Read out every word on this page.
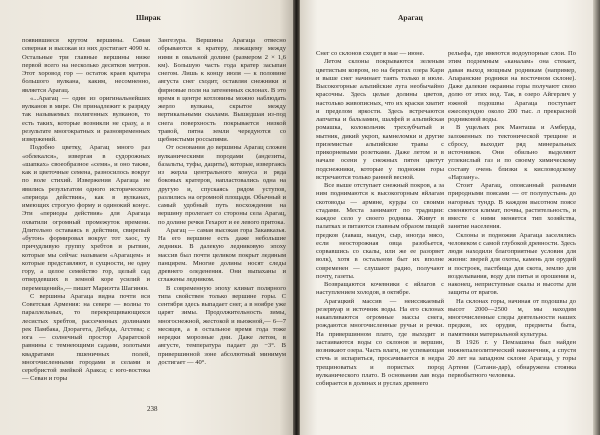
Ширак

появившиеся крутом вершины. Самая северная и высокая из них достигает 4090 м. Остальные три главные вершины ниже первой всего на несколько десятков метров. Этот хоровод гор — остаток краев кратера большого вулкана, каким, несомненно, является Арагац.

«...Арагац — один из оригинальнейших вулканов в мире. Он принадлежит к разряду так называемых полигенных вулканов, то есть таких, которые возникли не сразу, а в результате многократных и разновременных извержений.

Подобно цветку, Арагац много раз «облекался», извергая в судорожных «шапках» своеобразное «семя», и оно также, как и цветочные семена, разносилось вокруг по воле стихий. Извержения Арагаца не явились результатом одного исторического «периода действия», как в вулканах, имеющих строгую форму и одинокий конус. Эти «периоды действия» для Арагаца охватили огромный промежуток времени. Длительно оставаясь в действии, свирепый «бутон» формировал вокруг тот хаос, ту причудливую группу хребтов и рытвин, которые мы сейчас называем «Арагацем» и которые представляют, в сущности, не одну гору, а целое семейство гор, целый сад отвердевших в земной коре усилий и перемещений»,— пишет Мариэтта Шагинян.

С вершины Арагаца видна почти вся Советская Армения: на севере — волны то параллельных, то перекрещивающихся лесистых хребтов, рассеченных долинами рек Памбака, Дзорагета, Дебеда, Агстева; с юга — солнечный простор Араратской равнины с темнеющими садами, золотыми квадратами пшеничных полей, многочисленными городами и селами и серебристой змейкой Аракса; с юго-востока — Севан и горы

Зангезура. Вершины Арагаца отвесно обрываются к кратеру, лежащему между ними в овальной долине (размером 2 × 1,6 км). Большую часть года кратер засыпан снегом. Лишь к концу июля — к половине августа снег сходит, оставляя снежники и фирновые поля на затененных склонах. В это время в центре котловины можно наблюдать жерло вулкана, скрытое между вертикальными скалами. Вышедшая из-под снега поверхность покрывается низкой травой, пятна земли чередуются со щебнистыми россыпями.

От основания до вершины Арагац сложен вулканическими породами (андезиты, базальты, туфы, дациты), которые, извергаясь из жерла центрального конуса и ряда боковых кратеров, напластовались одна на другую и, спускаясь рядом уступов, разлились на огромной площади. Обычный и самый удобный путь восхождения на вершину пролегает со стороны села Арагац, по долине речки Гехарот и ее левого притока.

Арагац — самая высокая гора Закавказья. На его вершине есть даже небольшие ледники. В далекую ледниковую эпоху массив был почти целиком покрыт ледяным панцирем. Многие долины носят следы древнего оледенения. Они выпаханы и сглажены ледником.

В современную эпоху климат полярного типа свойствен только вершине горы. С сентября здесь выпадает снег, а в ноябре уже царят зимы. Продолжительность зимы, многоснежной, жестокой и вьюжной,— 6—7 месяцев, а в остальное время года тоже нередки морозные дни. Даже летом, в августе, температура падает до −3°. В привершинной зоне абсолютный минимум достигает — 40°.

238
Арагац

Снег со склонов сходит в мае — июне.

Летом склоны покрываются зеленым цветистым ковром, но на берегах озера Кари и выше снег начинает таять только в июле. Высокогорные альпийские луга необычайно красочны. Здесь целые долины цветов, настолько живописных, что их краски хватит и пределом яркости. Здесь встречаются лапчатка и бальзамин, шалфей и альпийская ромашка, колокольчик трехзубчатый и мытник, дикий укроп, камнеломки и другие приземистые альпийские травы с прикорневыми розетками. Даже летом и в начале осени у снежных пятен цветут подснежники, которые у подножия горы встречаются только ранней весной.

Все выше отступает снежный покров, а за ним поднимаются к высокогорным яйлагам скотоводы — армяне, курды со своими стадами. Места занимают по традиции: каждое село у своего родника. Живут в палатках и питаются главным образом пищей предков (лаваш, мацун, сыр, иногда мясо, если неосторожная овца разобьется, сорвавшись со скалы, или же ее разорвет волк), хотя в остальном быт их вполне современен — слушают радио, получают почту, газеты.

Возвращаются кочевники с яйлагов с наступлением холодов, в октябре.

Арагацкий массив — неиссякаемый резервуар и источник воды. На его склонах накапливаются огромные массы снега, рождаются многочисленные ручьи и речки. На привершинном плато, где выходит и застаиваются воды со склонов и вершин, возникают озера. Часть влаги, не успевающая стечь и испариться, просачивается в недра трещиноватых и пористых пород вулканического плато. В основании лав вода собирается в долинах и руслах древнего

рельефа, где имеются водоупорные слои. По этим подземным «каналам» она стекает, давая выход мощным родникам (например, Апаранские родники на восточном склоне). Даже далекие окраины горы получают свою долю от этих вод. Так, в озеро Айгерлич у южной подошвы Арагаца поступает ежесекундно около 200 тыс. л прекрасной родниковой воды.

В ущельях рек Манташа и Амберда, заложенных по тектонической трещине и сбросу, выходит ряд минеральных источников. Они обильно выделяют углекислый газ и по своему химическому составу очень близки к кисловодскому «Нарзану».

Стоит Арагац, опоясанный разными природными поясами — от полупустынь до нагорных тундр. В каждом высотном поясе сменяются климат, почвы, растительность, и вместе с ними меняется тип хозяйства, занятие населения.

Склоны и подножия Арагаца заселялись человеком с самой глубокой древности. Здесь люди находили благоприятные условия для жизни: зверей для охоты, камень для орудий и построек, пастбища для скота, землю для возделывания, воду для питья и орошения и, наконец, неприступные скалы и высоты для защиты от врагов.

На склонах горы, начиная от подошвы до высот 2000—2500 м, мы находим многочисленные следы деятельности наших предков, их орудия, предметы быта, памятники материальной культуры.

В 1926 г. у Пемзашена был найден нижнепалеолитический наконечник, а спустя 20 лет на западном склоне Арагаца, у горы Артени (Сатани-дар), обнаружена стоянка первобытного человека.
